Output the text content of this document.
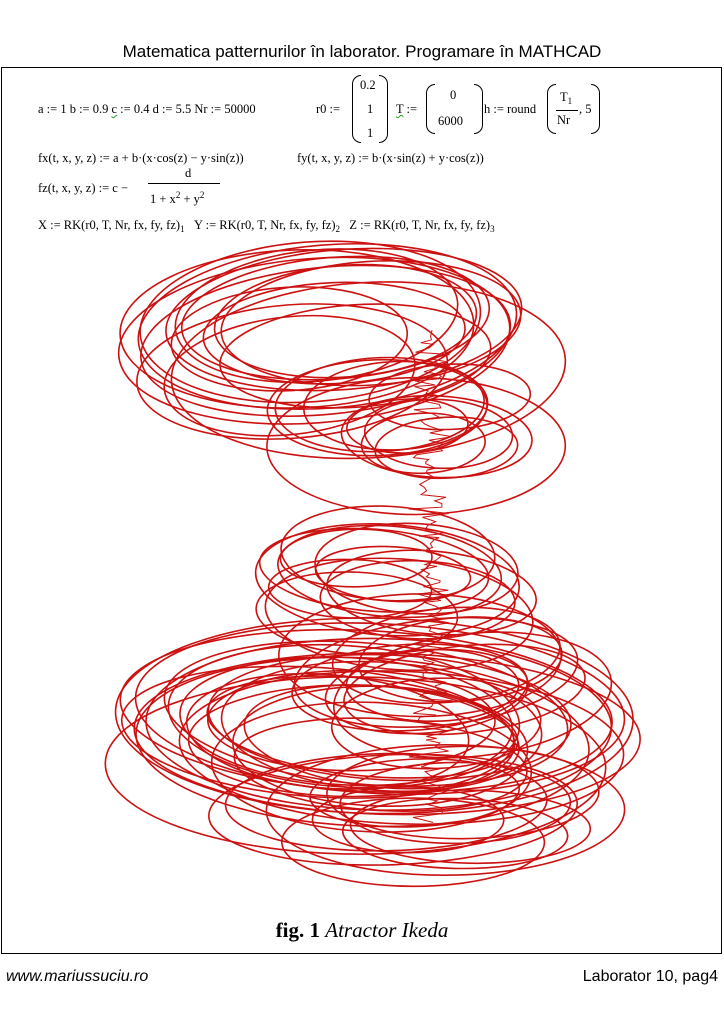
Matematica patternurilor în laborator. Programare în MATHCAD
a := 1 b := 0.9 c := 0.4 d := 5.5 Nr := 50000	r0 :=
0.2
1
1
T :=
0
6000
h := round
$T_1$
Nr
, 5
fx(t, x, y, z) := a + b·(x·cos(z) − y·sin(z))	fy(t, x, y, z) := b·(x·sin(z) + y·cos(z))
fz(t, x, y, z) := c −
d
$1 + x^2 + y^2$
X := RK(r0, T, Nr, fx, fy, $fz)_1$ Y := RK(r0, T, Nr, fx, fy, $fz)_2$ Z := RK(r0, T, Nr, fx, fy, $fz)_3$
fig. 1 Atractor Ikeda
www.mariussuciu.ro	Laborator 10, pag4
